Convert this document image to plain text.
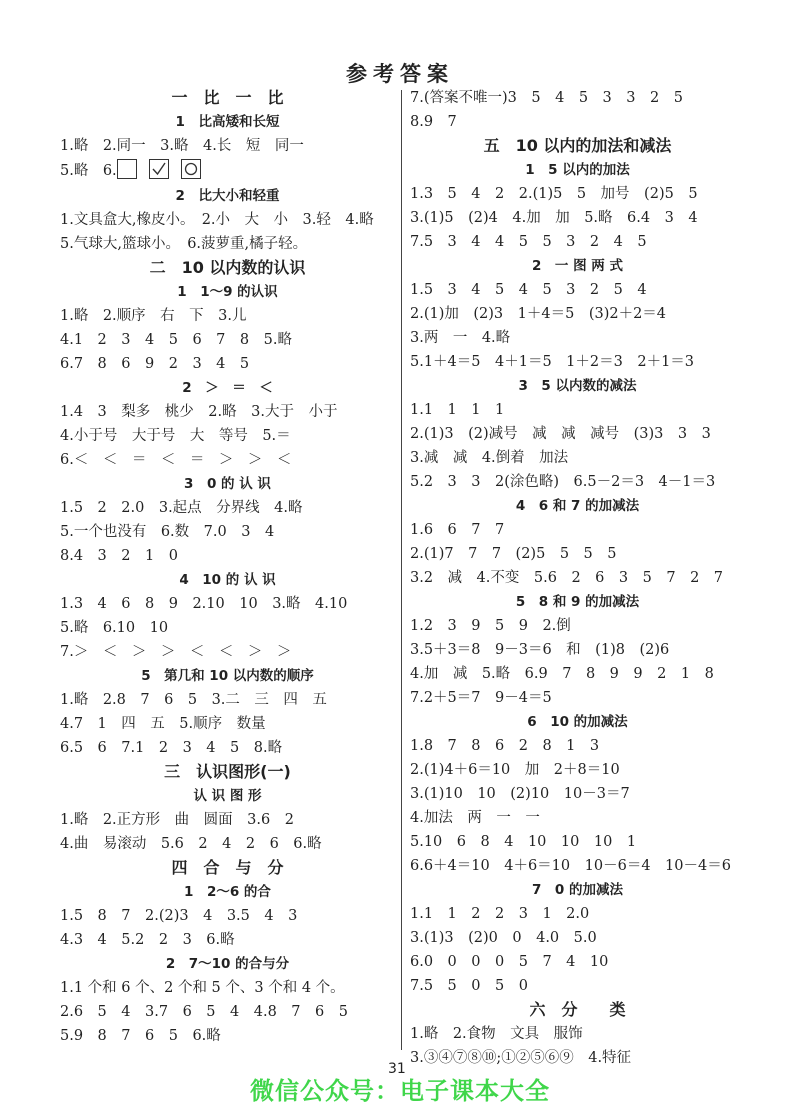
参考答案
一　比　一　比
1　比高矮和长短
1.略　2.同一　3.略　4.长　短　同一
5.略　6.
2　比大小和轻重
1.文具盒大,橡皮小。　2.小　大　小　3.轻　4.略
5.气球大,篮球小。　6.菠萝重,橘子轻。
二　10 以内数的认识
1　1～9 的认识
1.略　2.顺序　右　下　3.儿
4.1　2　3　4　5　6　7　8　5.略
6.7　8　6　9　2　3　4　5
2　＞　＝　＜
1.4　3　梨多　桃少　2.略　3.大于　小于
4.小于号　大于号　大　等号　5.＝
6.＜　＜　＝　＜　＝　＞　＞　＜
3　0 的 认 识
1.5　2　2.0　3.起点　分界线　4.略
5.一个也没有　6.数　7.0　3　4
8.4　3　2　1　0
4　10 的 认 识
1.3　4　6　8　9　2.10　10　3.略　4.10
5.略　6.10　10
7.＞　＜　＞　＞　＜　＜　＞　＞
5　第几和 10 以内数的顺序
1.略　2.8　7　6　5　3.二　三　四　五
4.7　1　四　五　5.顺序　数量
6.5　6　7.1　2　3　4　5　8.略
三　认识图形(一)
认 识 图 形
1.略　2.正方形　曲　圆面　3.6　2
4.曲　易滚动　5.6　2　4　2　6　6.略
四　合　与　分
1　2～6 的合
1.5　8　7　2.(2)3　4　3.5　4　3
4.3　4　5.2　2　3　6.略
2　7～10 的合与分
1.1 个和 6 个、2 个和 5 个、3 个和 4 个。
2.6　5　4　3.7　6　5　4　4.8　7　6　5
5.9　8　7　6　5　6.略
7.(答案不唯一)3　5　4　5　3　3　2　5
8.9　7
五　10 以内的加法和减法
1　5 以内的加法
1.3　5　4　2　2.(1)5　5　加号　(2)5　5
3.(1)5　(2)4　4.加　加　5.略　6.4　3　4
7.5　3　4　4　5　5　3　2　4　5
2　一 图 两 式
1.5　3　4　5　4　5　3　2　5　4
2.(1)加　(2)3　1＋4＝5　(3)2＋2＝4
3.两　一　4.略
5.1＋4＝5　4＋1＝5　1＋2＝3　2＋1＝3
3　5 以内数的减法
1.1　1　1　1
2.(1)3　(2)减号　减　减　减号　(3)3　3　3
3.减　减　4.倒着　加法
5.2　3　3　2(涂色略)　6.5－2＝3　4－1＝3
4　6 和 7 的加减法
1.6　6　7　7
2.(1)7　7　7　(2)5　5　5　5
3.2　减　4.不变　5.6　2　6　3　5　7　2　7
5　8 和 9 的加减法
1.2　3　9　5　9　2.倒
3.5＋3＝8　9－3＝6　和　(1)8　(2)6
4.加　减　5.略　6.9　7　8　9　9　2　1　8
7.2＋5＝7　9－4＝5
6　10 的加减法
1.8　7　8　6　2　8　1　3
2.(1)4＋6＝10　加　2＋8＝10
3.(1)10　10　(2)10　10－3＝7
4.加法　两　一　一
5.10　6　8　4　10　10　10　1
6.6＋4＝10　4＋6＝10　10－6＝4　10－4＝6
7　0 的加减法
1.1　1　2　2　3　1　2.0
3.(1)3　(2)0　0　4.0　5.0
6.0　0　0　0　5　7　4　10
7.5　5　0　5　0
六　分　　类
1.略　2.食物　文具　服饰
3.③④⑦⑧⑩;①②⑤⑥⑨　4.特征
31
微信公众号：电子课本大全
